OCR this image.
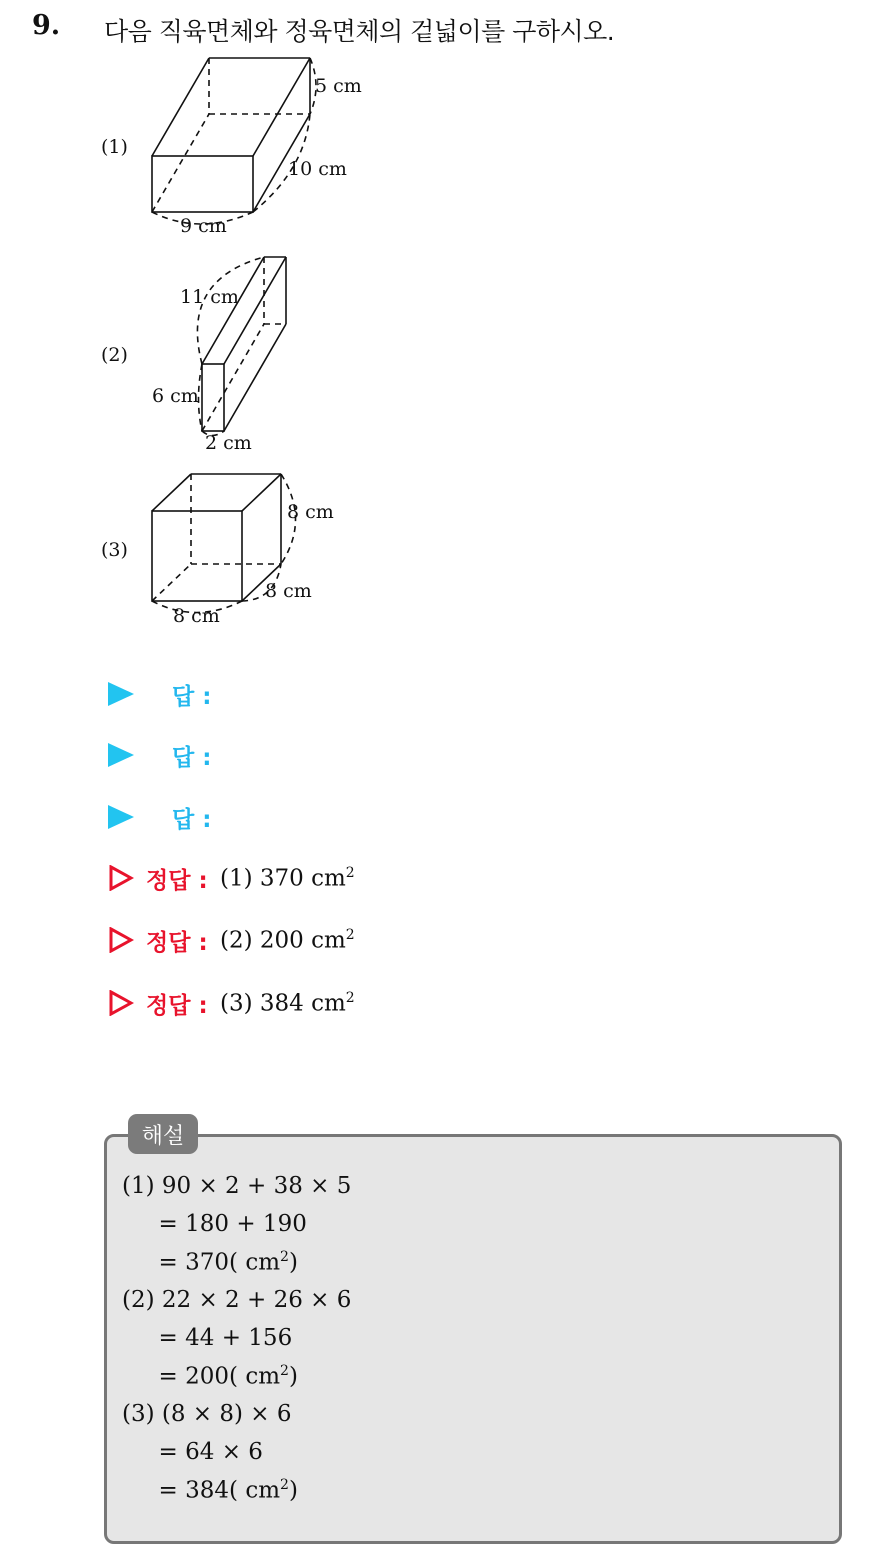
9. 다음 직육면체와 정육면체의 겉넓이를 구하시오.
(1)
5 cm
10 cm
9 cm
(2)
11 cm
6 cm
2 cm
(3)
8 cm
8 cm
8 cm
답 :
답 :
답 :
정답 : (1) 370 $cm^2$
정답 : (2) 200 $cm^2$
정답 : (3) 384 $cm^2$
해설
(1) 90 × 2 + 38 × 5
= 180 + 190
= 370( $cm^2$)
(2) 22 × 2 + 26 × 6
= 44 + 156
= 200( $cm^2$)
(3) (8 × 8) × 6
= 64 × 6
= 384( $cm^2$)
